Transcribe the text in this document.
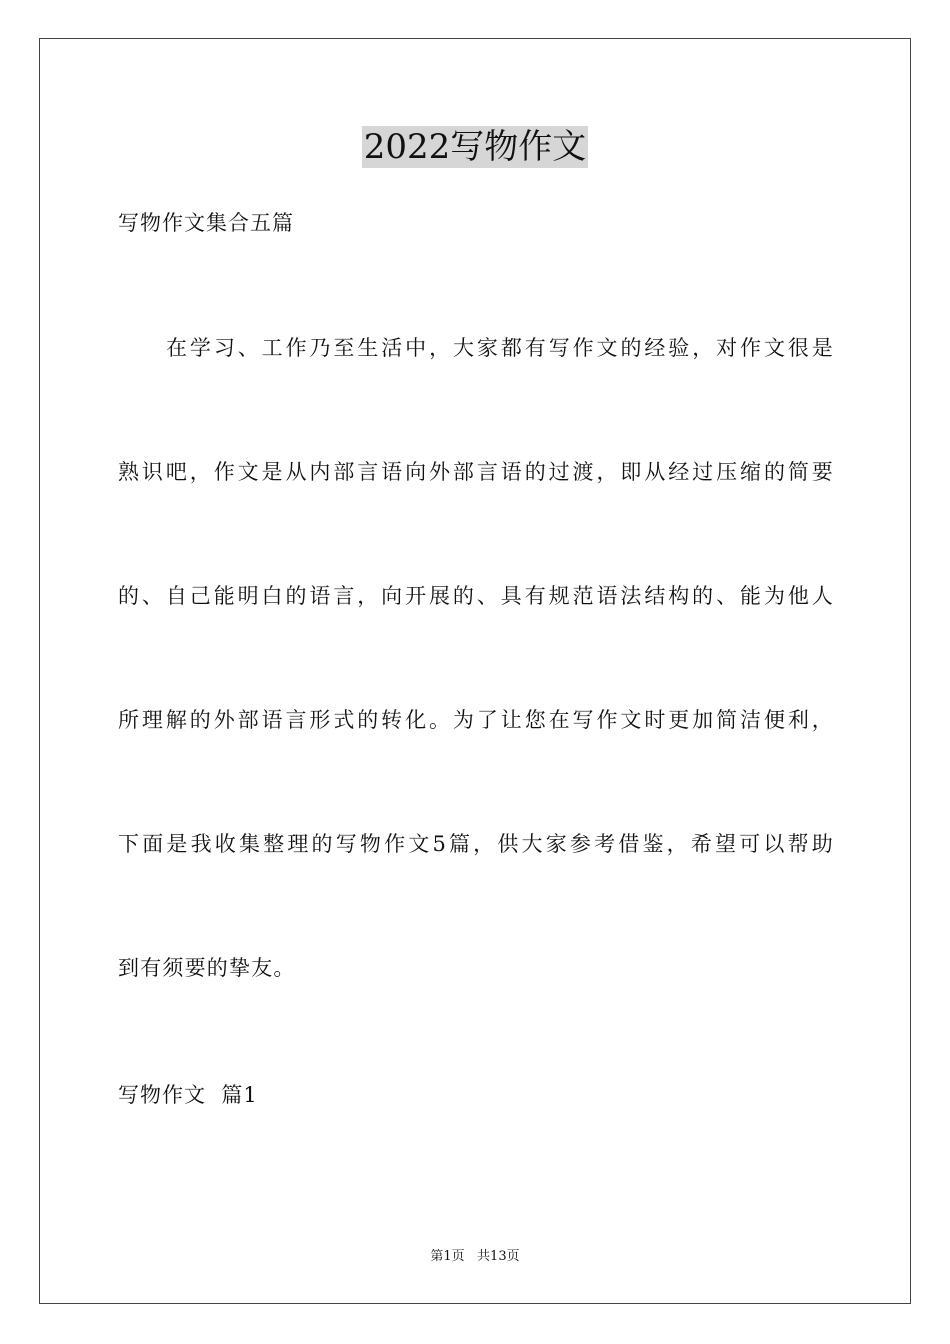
2022写物作文
写物作文集合五篇
在学习、工作乃至生活中，大家都有写作文的经验，对作文很是
熟识吧，作文是从内部言语向外部言语的过渡，即从经过压缩的简要
的、自己能明白的语言，向开展的、具有规范语法结构的、能为他人
所理解的外部语言形式的转化。为了让您在写作文时更加简洁便利，
下面是我收集整理的写物作文5篇，供大家参考借鉴，希望可以帮助
到有须要的挚友。
写物作文  篇1
第1页   共13页
